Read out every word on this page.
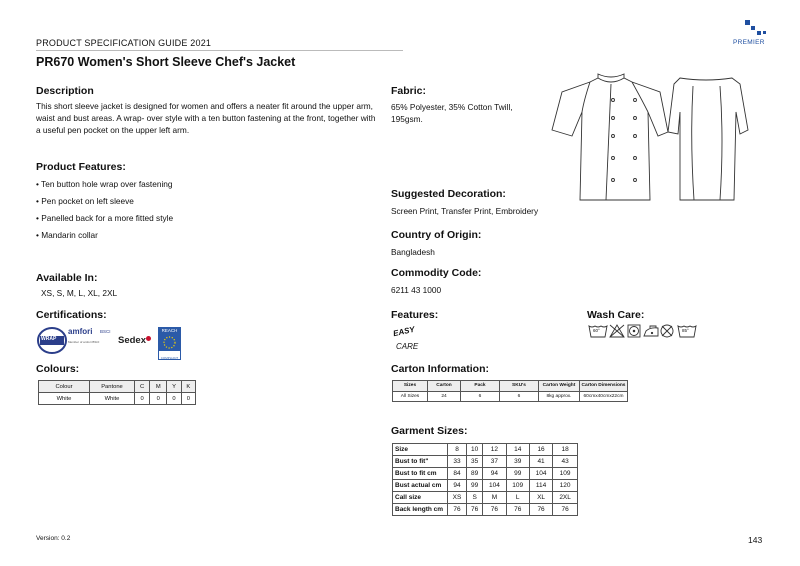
PRODUCT SPECIFICATION GUIDE 2021
PR670 Women's Short Sleeve Chef's Jacket
PREMIER
Description
This short sleeve jacket is designed for women and offers a neater fit around the upper arm, waist and bust areas. A wrap- over style with a ten button fastening at the front, together with a useful pen pocket on the upper left arm.
Product Features:
• Ten button hole wrap over fastening
• Pen pocket on left sleeve
• Panelled back for a more fitted style
• Mandarin collar
Available In:
XS, S, M, L, XL, 2XL
Certifications:
WRAP
amfori BSCI
Member of amfori BSCI	Sedex
REACH
COMPLIANT
Colours:
Colour	Pantone	C	M	Y	K
White	White	0	0	0	0
Fabric:
65% Polyester, 35% Cotton Twill, 195gsm.
Suggested Decoration:
Screen Print, Transfer Print, Embroidery
Country of Origin:
Bangladesh
Commodity Code:
6211 43 1000
Features:
EASY
CARE
Wash Care:
60°	85°
Carton Information:
Sizes	Carton	Pack	SKU's	Carton Weight	Carton Dimensions
All Sizes	24	6	6	8kg approx.	60cmx40cmx22cm
Garment Sizes:
Size	8	10	12	14	16	18
Bust to fit"	33	35	37	39	41	43
Bust to fit cm	84	89	94	99	104	109
Bust actual cm	94	99	104	109	114	120
Call size	XS	S	M	L	XL	2XL
Back length cm	76	76	76	76	76	76
Version: 0.2	143
